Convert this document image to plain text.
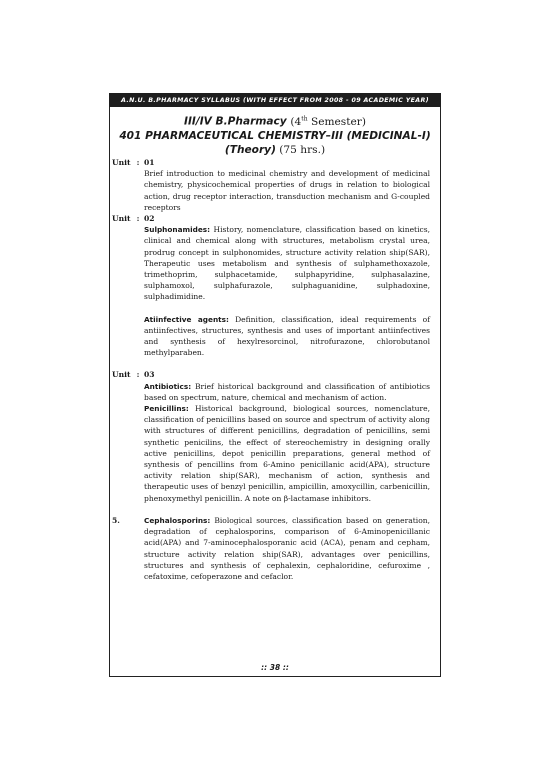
A.N.U. B.PHARMACY SYLLABUS (WITH EFFECT FROM 2008 - 09 ACADEMIC YEAR)
III/IV B.Pharmacy (4th Semester)
401 PHARMACEUTICAL CHEMISTRY–III (MEDICINAL-I)
(Theory) (75 hrs.)
Unit : 01
Brief introduction to medicinal chemistry and development of medicinal chemistry, physicochemical properties of drugs in relation to biological action, drug receptor interaction, transduction mechanism and G-coupled receptors
Unit : 02
Sulphonamides: History, nomenclature, classification based on kinetics, clinical and chemical along with structures, metabolism crystal urea, prodrug concept in sulphonomides, structure activity relation ship(SAR), Therapeutic uses metabolism and synthesis of sulphamethoxazole, trimethoprim, sulphacetamide, sulphapyridine, sulphasalazine, sulphamoxol, sulphafurazole, sulphaguanidine, sulphadoxine, sulphadimidine.
Atiinfective agents: Definition, classification, ideal requirements of antiinfectives, structures, synthesis and uses of important antiinfectives and synthesis of hexylresorcinol, nitrofurazone, chlorobutanol methylparaben.
Unit : 03
Antibiotics: Brief historical background and classification of antibiotics based on spectrum, nature, chemical and mechanism of action.
Penicillins: Historical background, biological sources, nomenclature, classification of penicillins based on source and spectrum of activity along with structures of different penicillins, degradation of penicillins, semi synthetic penicilins, the effect of stereochemistry in designing orally active penicillins, depot penicillin preparations, general method of synthesis of pencillins from 6-Amino penicillanic acid(APA), structure activity relation ship(SAR), mechanism of action, synthesis and therapeutic uses of benzyl penicillin, ampicillin, amoxycillin, carbenicillin, phenoxymethyl penicillin. A note on β-lactamase inhibitors.
5.	Cephalosporins: Biological sources, classification based on generation, degradation of cephalosporins, comparison of 6-Aminopenicillanic acid(APA) and 7-aminocephalosporanic acid (ACA), penam and cepham, structure activity relation ship(SAR), advantages over penicillins, structures and synthesis of cephalexin, cephaloridine, cefuroxime , cefatoxime, cefoperazone and cefaclor.
:: 38 ::
